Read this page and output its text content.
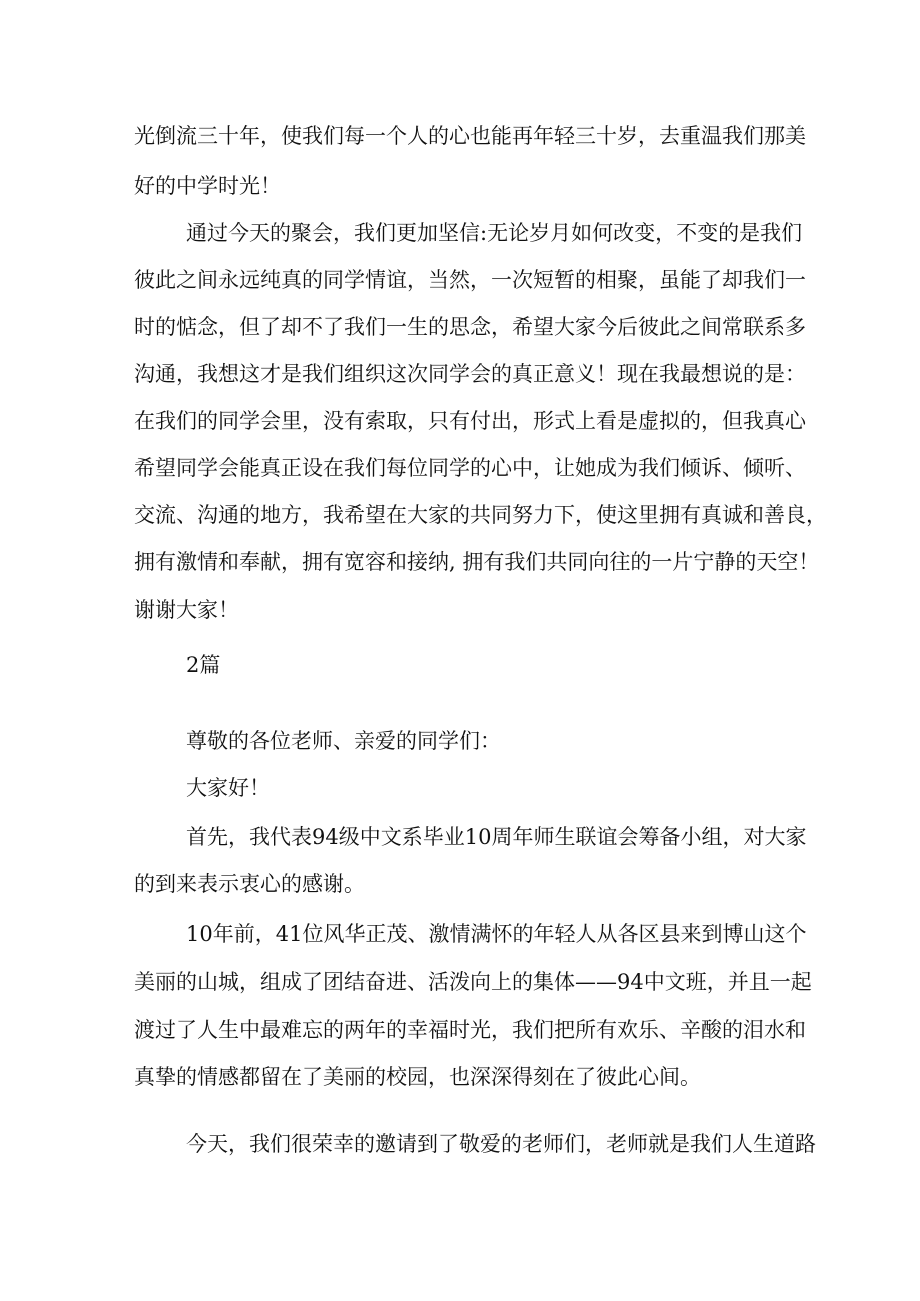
光倒流三十年，使我们每一个人的心也能再年轻三十岁，去重温我们那美
好的中学时光！
通过今天的聚会，我们更加坚信:无论岁月如何改变，不变的是我们
彼此之间永远纯真的同学情谊，当然，一次短暂的相聚，虽能了却我们一
时的惦念，但了却不了我们一生的思念，希望大家今后彼此之间常联系多
沟通，我想这才是我们组织这次同学会的真正意义！现在我最想说的是：
在我们的同学会里，没有索取，只有付出，形式上看是虚拟的，但我真心
希望同学会能真正设在我们每位同学的心中，让她成为我们倾诉、倾听、
交流、沟通的地方，我希望在大家的共同努力下，使这里拥有真诚和善良，
拥有激情和奉献，拥有宽容和接纳, 拥有我们共同向往的一片宁静的天空！
谢谢大家！
2篇
尊敬的各位老师、亲爱的同学们：
大家好！
首先，我代表94级中文系毕业10周年师生联谊会筹备小组，对大家
的到来表示衷心的感谢。
10年前，41位风华正茂、激情满怀的年轻人从各区县来到博山这个
美丽的山城，组成了团结奋进、活泼向上的集体——94中文班，并且一起
渡过了人生中最难忘的两年的幸福时光，我们把所有欢乐、辛酸的泪水和
真挚的情感都留在了美丽的校园，也深深得刻在了彼此心间。
今天，我们很荣幸的邀请到了敬爱的老师们，老师就是我们人生道路
